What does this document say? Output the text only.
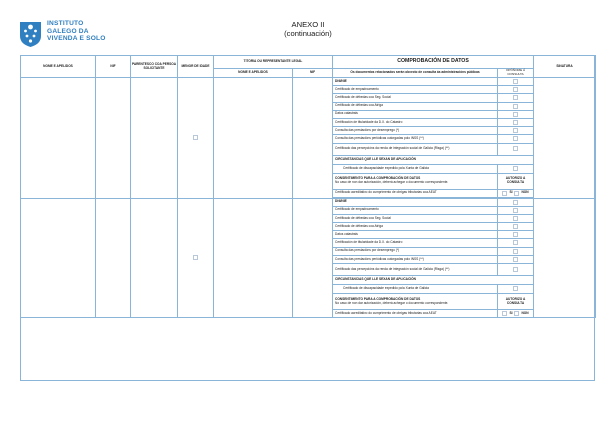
INSTITUTO
GALEGO DA
VIVENDA E SOLO
ANEXO II
(continuación)
NOME E APELIDOS	NIF	PARENTESCO COA PERSOA SOLICITANTE	MENOR DE IDADE	TITORIA OU REPRESENTANTE LEGAL		COMPROBACIÓN DE DATOS		SINATURA
				NOME E APELIDOS	NIF	Os documentos relacionados serán obxecto de consulta ás administracións públicas	OPÓÑOME Á CONSULTA	
						DNI/NIE		
						Certificado de empadroamento		
						Certificado de débedas coa Seg. Social		
						Certificado de débedas coa Atriga		
						Datos catastrais		
						Certificación de titularidade da D.X. do Catastro		
						Consulta das prestacións por desemprego (*)		
						Consulta das prestacións periódicas outorgadas polo INSS (**)		
						Certificado das percepcións da renda de integración social de Galicia (Risga) (**)		
						CIRCUNSTANCIAS QUE LLE SEXAN DE APLICACIÓN		
						Certificado de discapacidade expedido pola Xunta de Galicia		

						CONSENTIMENTO PARA A COMPROBACIÓN DE DATOS
No caso de non dar autorización, deberá achegar o documento correspondente.	AUTORIZO A CONSULTA	
						Certificado acreditativo do cumprimento de obrigas tributarias coa AEAT	SI NON	

						DNI/NIE		
						Certificado de empadroamento		
						Certificado de débedas coa Seg. Social		
						Certificado de débedas coa Atriga		
						Datos catastrais		
						Certificación de titularidade da D.X. do Catastro		
						Consulta das prestacións por desemprego (*)		
						Consulta das prestacións periódicas outorgadas polo INSS (**)		
						Certificado das percepcións da renda de integración social de Galicia (Risga) (**)		
						CIRCUNSTANCIAS QUE LLE SEXAN DE APLICACIÓN		
						Certificado de discapacidade expedido pola Xunta de Galicia		

						CONSENTIMENTO PARA A COMPROBACIÓN DE DATOS
No caso de non dar autorización, deberá achegar o documento correspondente.	AUTORIZO A CONSULTA	
						Certificado acreditativo do cumprimento de obrigas tributarias coa AEAT	SI NON	
